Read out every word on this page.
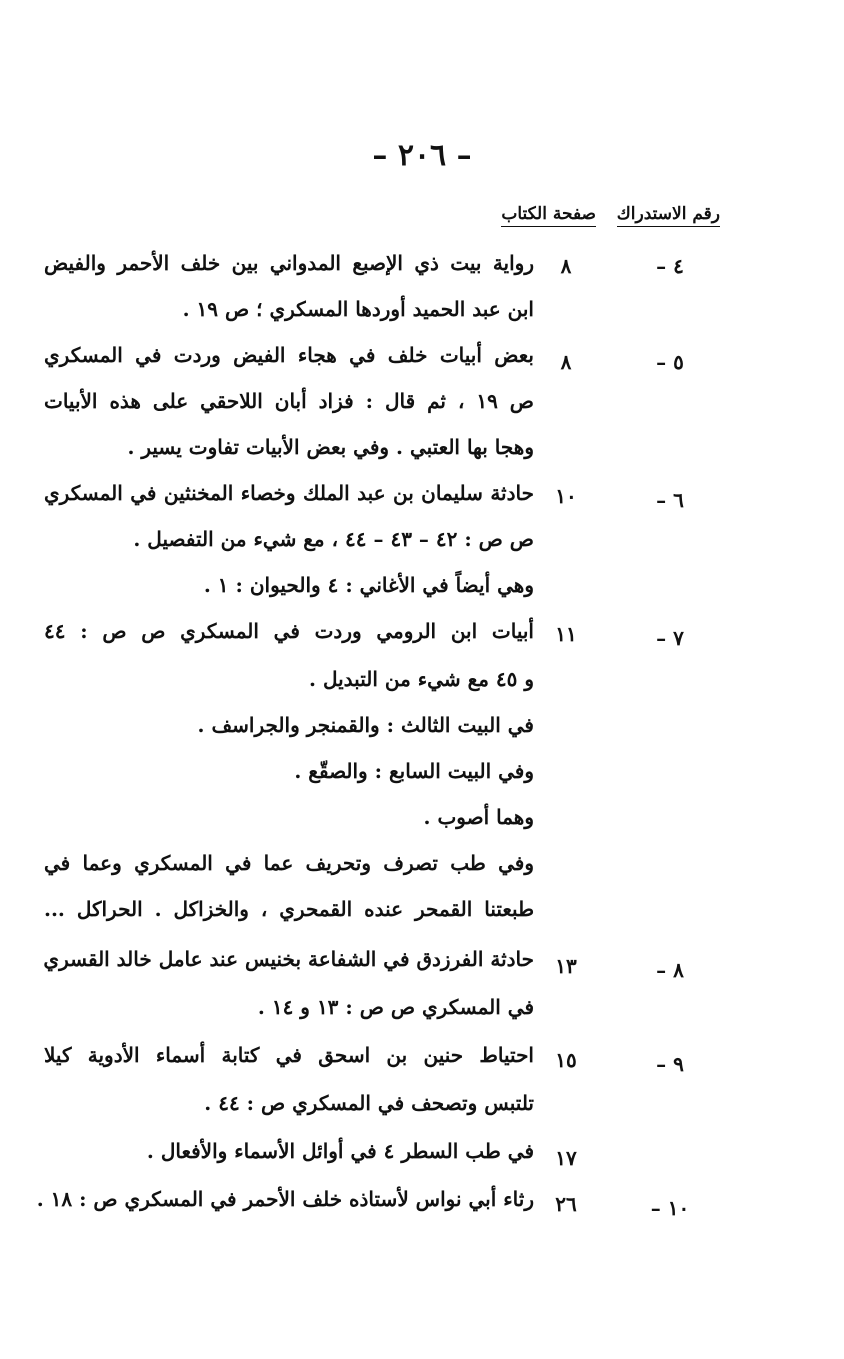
– ٢٠٦ –
رقم الاستدراك
صفحة الكتاب
٤ –
٨
رواية بيت ذي الإصبع المدواني بين خلف الأحمر والفيض
ابن عبد الحميد أوردها المسكري ؛ ص ١٩ .
٥ –
٨
بعض أبيات خلف في هجاء الفيض وردت في المسكري
ص ١٩ ، ثم قال : فزاد أبان اللاحقي على هذه الأبيات
وهجا بها العتبي . وفي بعض الأبيات تفاوت يسير .
٦ –
١٠
حادثة سليمان بن عبد الملك وخصاء المخنثين في المسكري
ص ص : ٤٢ – ٤٣ – ٤٤ ، مع شيء من التفصيل .
وهي أيضاً في الأغاني : ٤ والحيوان : ١ .
٧ –
١١
أبيات ابن الرومي وردت في المسكري ص ص : ٤٤
و ٤٥ مع شيء من التبديل .
في البيت الثالث : والقمنجر والجراسف .
وفي البيت السابع : والصقّع .
وهما أصوب .
وفي طب تصرف وتحريف عما في المسكري وعما في
طبعتنا القمحر عنده القمحري ، والخزاكل . الحراكل ...
٨ –
١٣
حادثة الفرزدق في الشفاعة بخنيس عند عامل خالد القسري
في المسكري ص ص : ١٣ و ١٤ .
٩ –
١٥
احتياط حنين بن اسحق في كتابة أسماء الأدوية كيلا
تلتبس وتصحف في المسكري ص : ٤٤ .
١٧
في طب السطر ٤ في أوائل الأسماء والأفعال .
١٠ –
٢٦
رثاء أبي نواس لأستاذه خلف الأحمر في المسكري ص : ١٨ .
